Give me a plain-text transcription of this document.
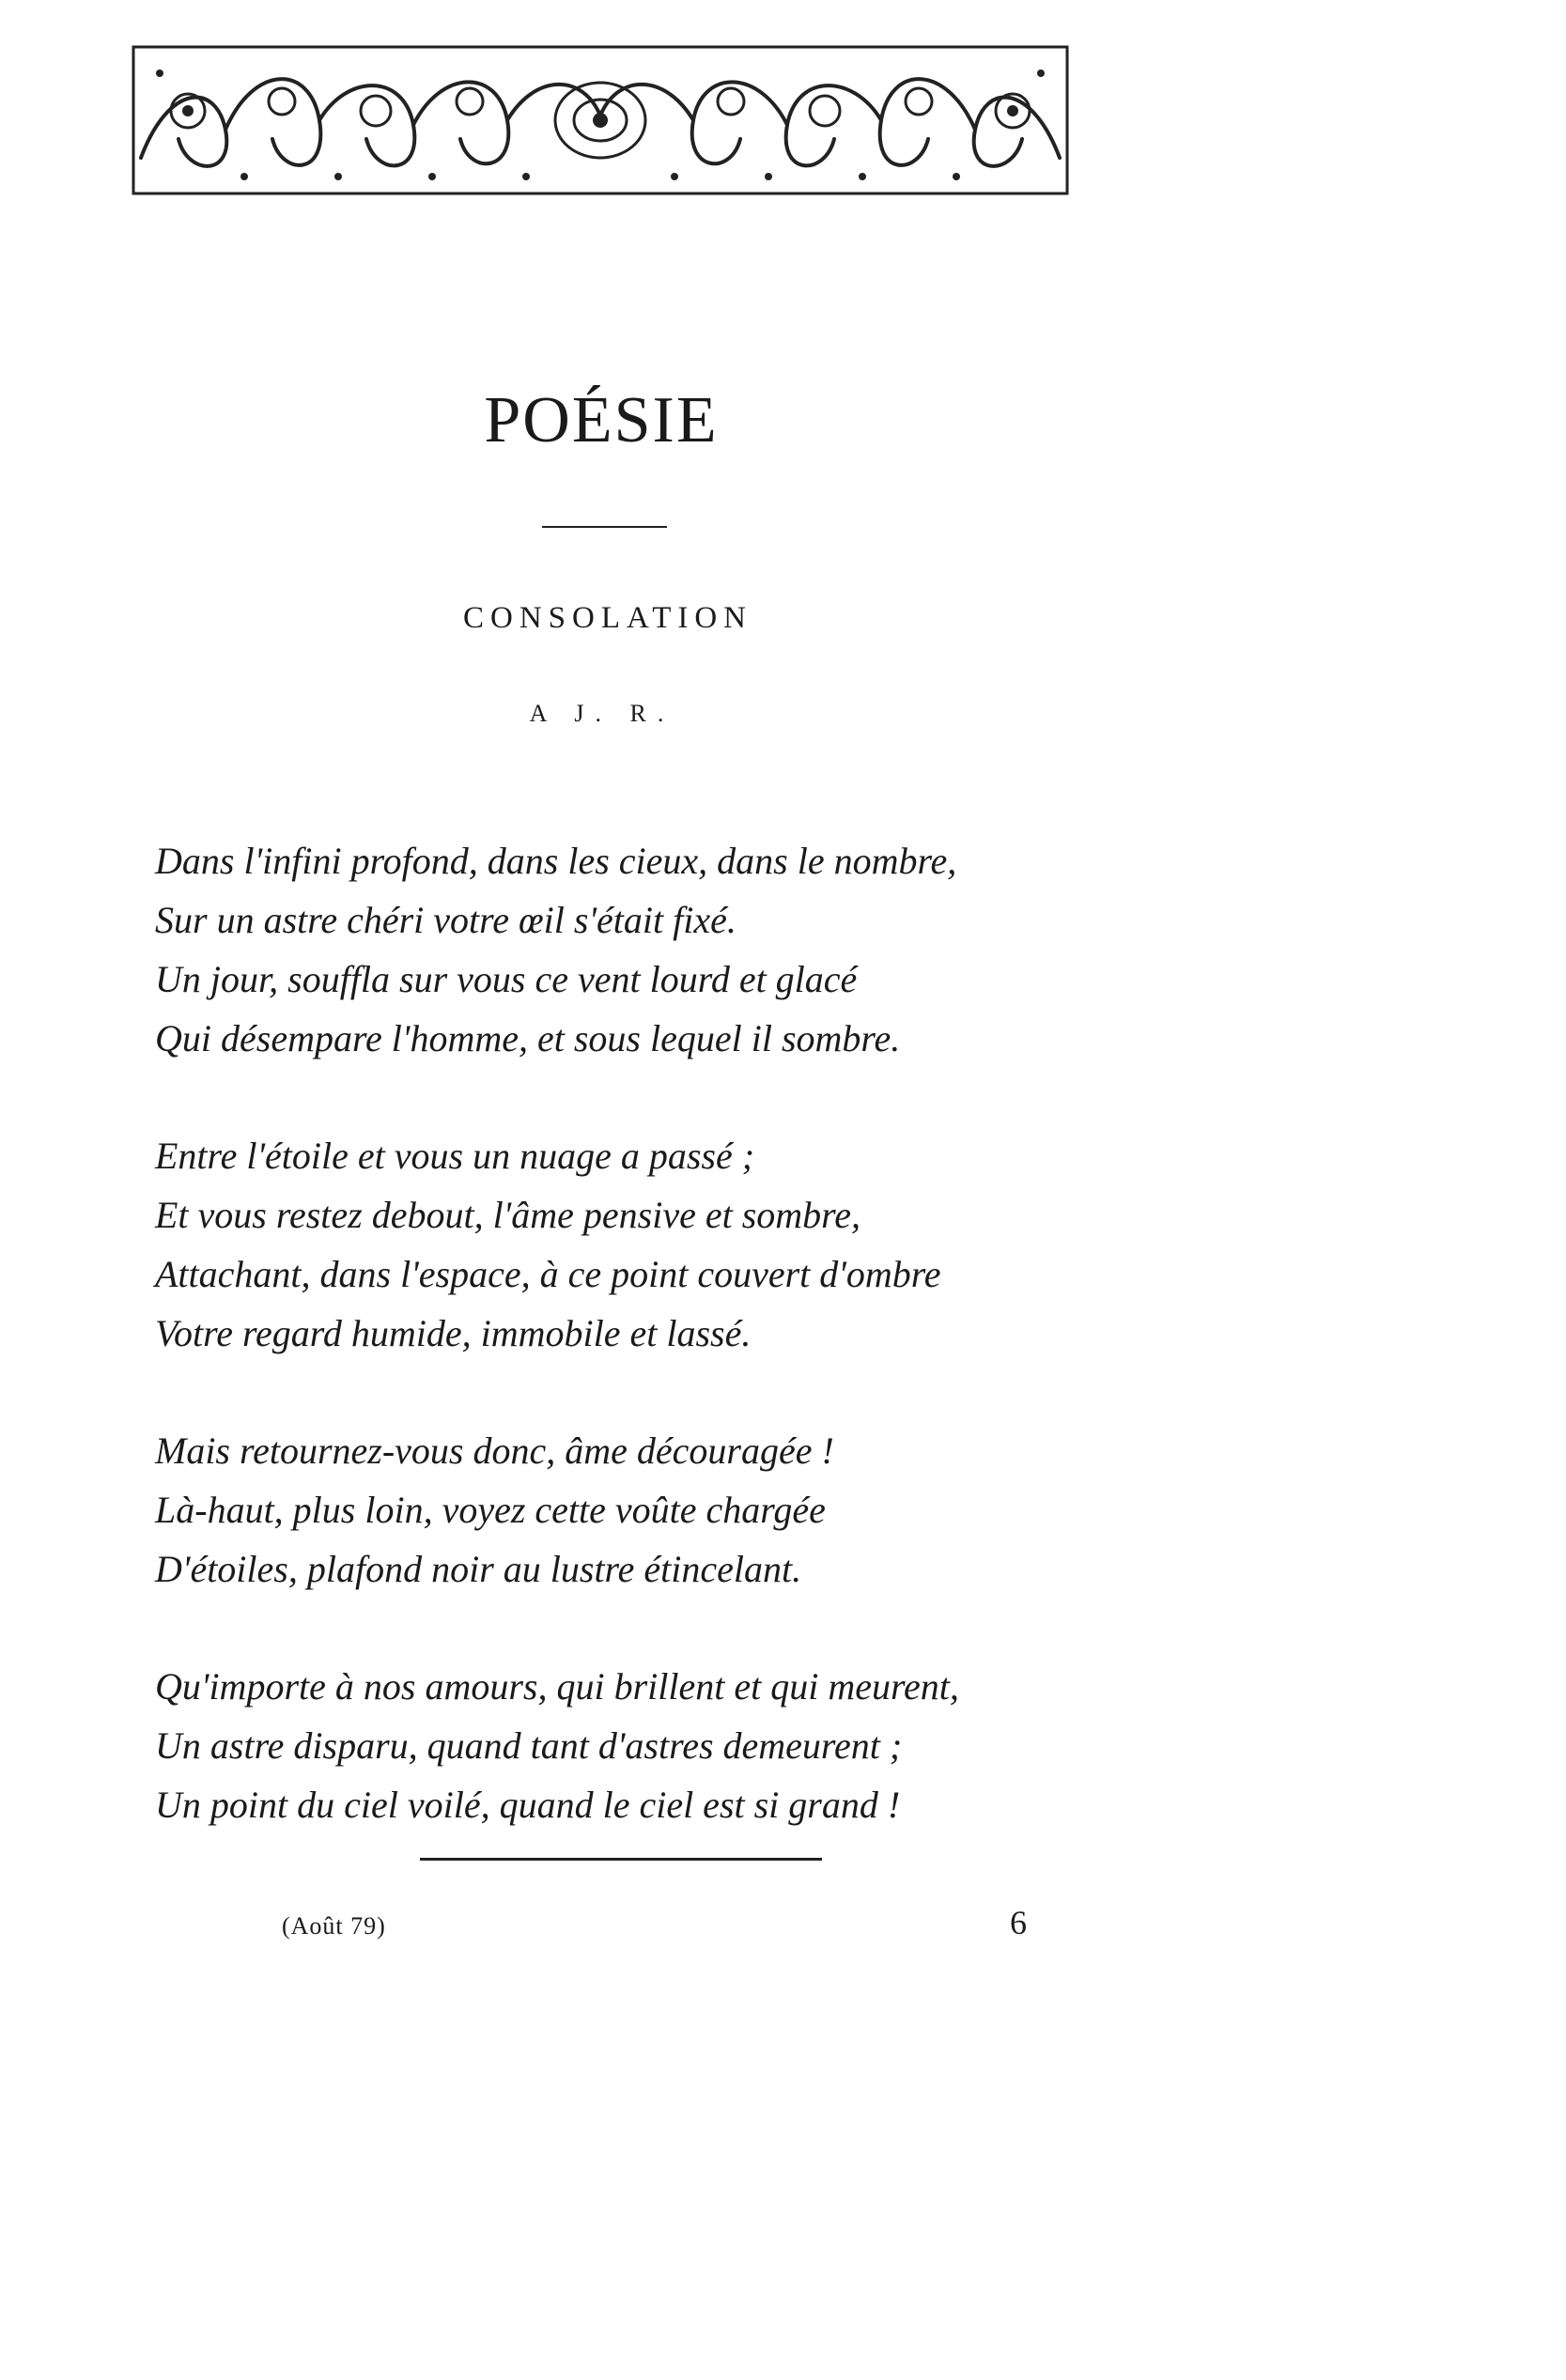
POÉSIE
CONSOLATION
A J. R.
Dans l'infini profond, dans les cieux, dans le nombre,
Sur un astre chéri votre œil s'était fixé.
Un jour, souffla sur vous ce vent lourd et glacé
Qui désempare l'homme, et sous lequel il sombre.
Entre l'étoile et vous un nuage a passé ;
Et vous restez debout, l'âme pensive et sombre,
Attachant, dans l'espace, à ce point couvert d'ombre
Votre regard humide, immobile et lassé.
Mais retournez-vous donc, âme découragée !
Là-haut, plus loin, voyez cette voûte chargée
D'étoiles, plafond noir au lustre étincelant.
Qu'importe à nos amours, qui brillent et qui meurent,
Un astre disparu, quand tant d'astres demeurent ;
Un point du ciel voilé, quand le ciel est si grand !
(Août 79)	6
